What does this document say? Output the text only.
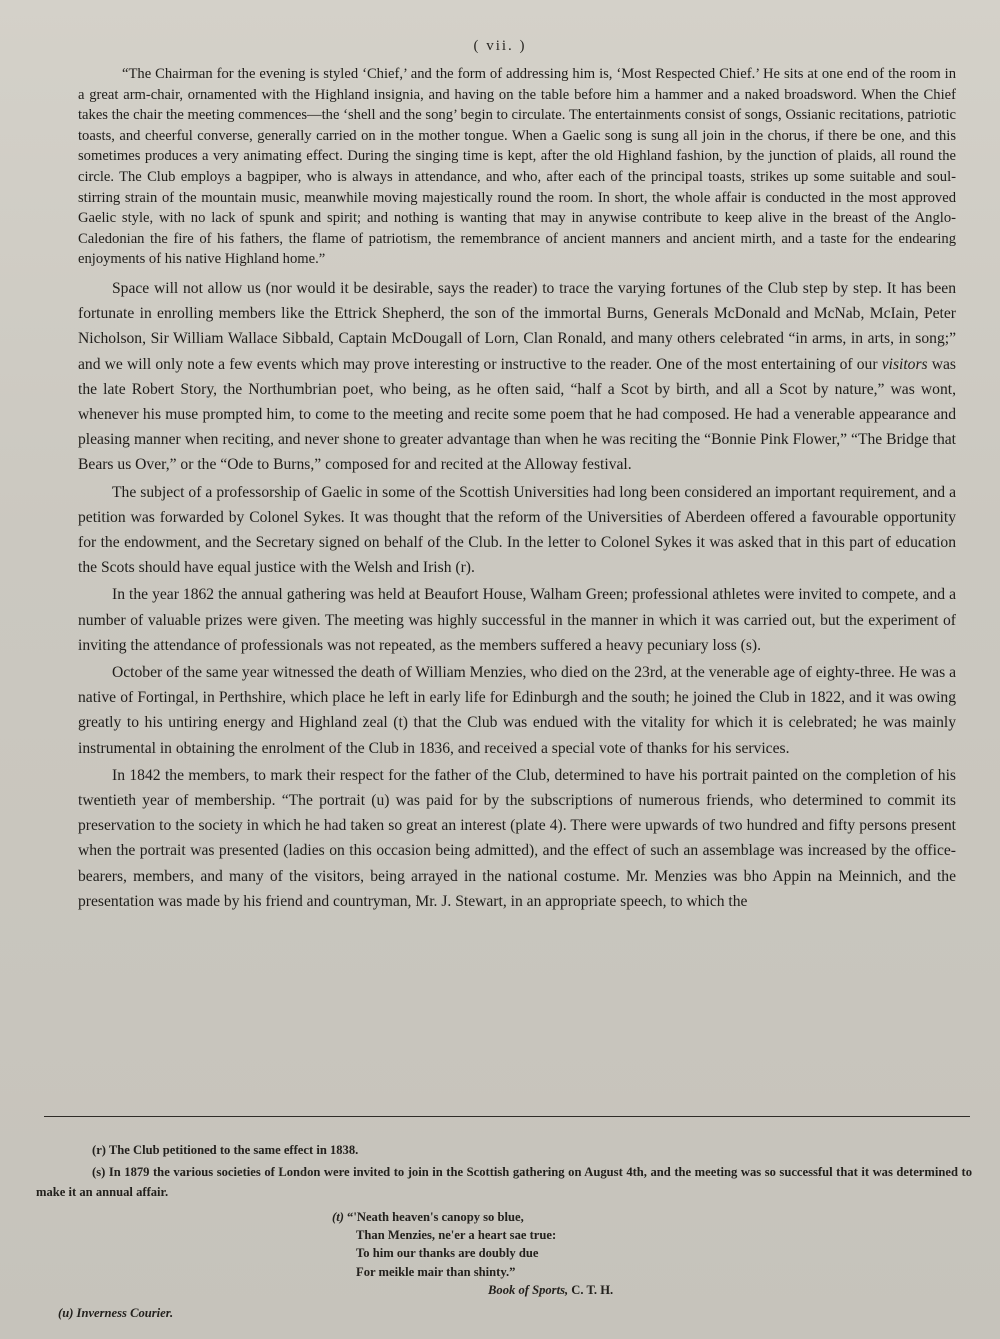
( vii. )

“The Chairman for the evening is styled ‘Chief,’ and the form of addressing him is, ‘Most Respected Chief.’ He sits at one end of the room in a great arm-chair, ornamented with the Highland insignia, and having on the table before him a hammer and a naked broadsword. When the Chief takes the chair the meeting commences—the ‘shell and the song’ begin to circulate. The entertainments consist of songs, Ossianic recitations, patriotic toasts, and cheerful converse, generally carried on in the mother tongue. When a Gaelic song is sung all join in the chorus, if there be one, and this sometimes produces a very animating effect. During the singing time is kept, after the old Highland fashion, by the junction of plaids, all round the circle. The Club employs a bagpiper, who is always in attendance, and who, after each of the principal toasts, strikes up some suitable and soul-stirring strain of the mountain music, meanwhile moving majestically round the room. In short, the whole affair is conducted in the most approved Gaelic style, with no lack of spunk and spirit; and nothing is wanting that may in anywise contribute to keep alive in the breast of the Anglo-Caledonian the fire of his fathers, the flame of patriotism, the remembrance of ancient manners and ancient mirth, and a taste for the endearing enjoyments of his native Highland home.”

Space will not allow us (nor would it be desirable, says the reader) to trace the varying fortunes of the Club step by step. It has been fortunate in enrolling members like the Ettrick Shepherd, the son of the immortal Burns, Generals McDonald and McNab, McIain, Peter Nicholson, Sir William Wallace Sibbald, Captain McDougall of Lorn, Clan Ronald, and many others celebrated “in arms, in arts, in song;” and we will only note a few events which may prove interesting or instructive to the reader. One of the most entertaining of our visitors was the late Robert Story, the Northumbrian poet, who being, as he often said, “half a Scot by birth, and all a Scot by nature,” was wont, whenever his muse prompted him, to come to the meeting and recite some poem that he had composed. He had a venerable appearance and pleasing manner when reciting, and never shone to greater advantage than when he was reciting the “Bonnie Pink Flower,” “The Bridge that Bears us Over,” or the “Ode to Burns,” composed for and recited at the Alloway festival.

The subject of a professorship of Gaelic in some of the Scottish Universities had long been considered an important requirement, and a petition was forwarded by Colonel Sykes. It was thought that the reform of the Universities of Aberdeen offered a favourable opportunity for the endowment, and the Secretary signed on behalf of the Club. In the letter to Colonel Sykes it was asked that in this part of education the Scots should have equal justice with the Welsh and Irish (r).

In the year 1862 the annual gathering was held at Beaufort House, Walham Green; professional athletes were invited to compete, and a number of valuable prizes were given. The meeting was highly successful in the manner in which it was carried out, but the experiment of inviting the attendance of professionals was not repeated, as the members suffered a heavy pecuniary loss (s).

October of the same year witnessed the death of William Menzies, who died on the 23rd, at the venerable age of eighty-three. He was a native of Fortingal, in Perthshire, which place he left in early life for Edinburgh and the south; he joined the Club in 1822, and it was owing greatly to his untiring energy and Highland zeal (t) that the Club was endued with the vitality for which it is celebrated; he was mainly instrumental in obtaining the enrolment of the Club in 1836, and received a special vote of thanks for his services.

In 1842 the members, to mark their respect for the father of the Club, determined to have his portrait painted on the completion of his twentieth year of membership. “The portrait (u) was paid for by the subscriptions of numerous friends, who determined to commit its preservation to the society in which he had taken so great an interest (plate 4). There were upwards of two hundred and fifty persons present when the portrait was presented (ladies on this occasion being admitted), and the effect of such an assemblage was increased by the office-bearers, members, and many of the visitors, being arrayed in the national costume. Mr. Menzies was bho Appin na Meinnich, and the presentation was made by his friend and countryman, Mr. J. Stewart, in an appropriate speech, to which the

(r) The Club petitioned to the same effect in 1838.

(s) In 1879 the various societies of London were invited to join in the Scottish gathering on August 4th, and the meeting was so successful that it was determined to make it an annual affair.

(t) “'Neath heaven's canopy so blue,
Than Menzies, ne'er a heart sae true:
To him our thanks are doubly due
For meikle mair than shinty.”
Book of Sports, C. T. H.
(u) Inverness Courier.
